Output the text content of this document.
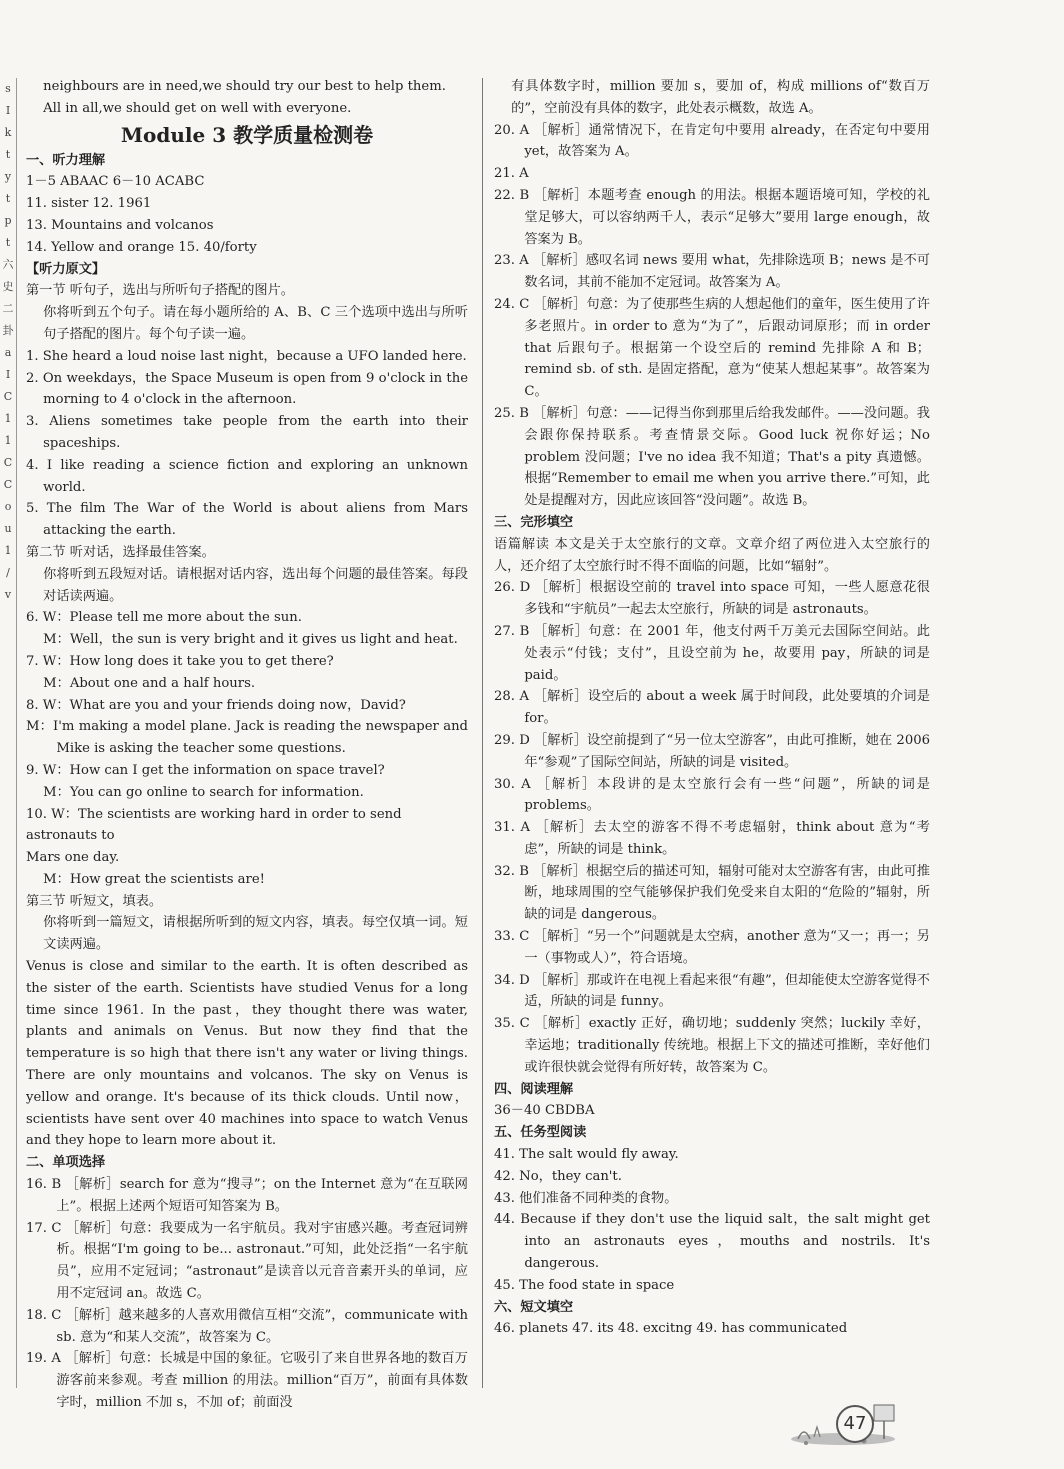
s
I
k
t
y
t
p
t
六
史
二
卦
a
I
C
1
1
C
C
o
u
1
/
v

neighbours are in need,we should try our best to help them.

All in all,we should get on well with everyone.

Module 3 教学质量检测卷

一、听力理解

1－5 ABAAC 6－10 ACABC

11. sister 12. 1961

13. Mountains and volcanos

14. Yellow and orange 15. 40/forty

【听力原文】

第一节 听句子，选出与所听句子搭配的图片。

你将听到五个句子。请在每小题所给的 A、B、C 三个选项中选出与所听句子搭配的图片。每个句子读一遍。

1. She heard a loud noise last night，because a UFO landed here.

2. On weekdays，the Space Museum is open from 9 o'clock in the morning to 4 o'clock in the afternoon.

3. Aliens sometimes take people from the earth into their spaceships.

4. I like reading a science fiction and exploring an unknown world.

5. The film The War of the World is about aliens from Mars attacking the earth.

第二节 听对话，选择最佳答案。

你将听到五段短对话。请根据对话内容，选出每个问题的最佳答案。每段对话读两遍。

6. W：Please tell me more about the sun.

M：Well，the sun is very bright and it gives us light and heat.

7. W：How long does it take you to get there?

M：About one and a half hours.

8. W：What are you and your friends doing now，David?

M：I'm making a model plane. Jack is reading the newspaper and Mike is asking the teacher some questions.

9. W：How can I get the information on space travel?

M：You can go online to search for information.

10. W：The scientists are working hard in order to send astronauts to

Mars one day.

M：How great the scientists are!

第三节 听短文，填表。

你将听到一篇短文，请根据所听到的短文内容，填表。每空仅填一词。短文读两遍。

Venus is close and similar to the earth. It is often described as the sister of the earth. Scientists have studied Venus for a long time since 1961. In the past，they thought there was water, plants and animals on Venus. But now they find that the temperature is so high that there isn't any water or living things. There are only mountains and volcanos. The sky on Venus is yellow and orange. It's because of its thick clouds. Until now，scientists have sent over 40 machines into space to watch Venus and they hope to learn more about it.

二、单项选择

16. B ［解析］search for 意为“搜寻”；on the Internet 意为“在互联网上”。根据上述两个短语可知答案为 B。

17. C ［解析］句意：我要成为一名宇航员。我对宇宙感兴趣。考查冠词辨析。根据“I'm going to be... astronaut.”可知，此处泛指“一名宇航员”，应用不定冠词；“astronaut”是读音以元音音素开头的单词，应用不定冠词 an。故选 C。

18. C ［解析］越来越多的人喜欢用微信互相“交流”，communicate with sb. 意为“和某人交流”，故答案为 C。

19. A ［解析］句意：长城是中国的象征。它吸引了来自世界各地的数百万游客前来参观。考查 million 的用法。million“百万”，前面有具体数字时，million 不加 s，不加 of；前面没

有具体数字时，million 要加 s，要加 of，构成 millions of“数百万的”，空前没有具体的数字，此处表示概数，故选 A。

20. A ［解析］通常情况下，在肯定句中要用 already，在否定句中要用 yet，故答案为 A。

21. A

22. B ［解析］本题考查 enough 的用法。根据本题语境可知，学校的礼堂足够大，可以容纳两千人，表示“足够大”要用 large enough，故答案为 B。

23. A ［解析］感叹名词 news 要用 what，先排除选项 B；news 是不可数名词，其前不能加不定冠词。故答案为 A。

24. C ［解析］句意：为了使那些生病的人想起他们的童年，医生使用了许多老照片。in order to 意为“为了”，后跟动词原形；而 in order that 后跟句子。根据第一个设空后的 remind 先排除 A 和 B；remind sb. of sth. 是固定搭配，意为“使某人想起某事”。故答案为 C。

25. B ［解析］句意：——记得当你到那里后给我发邮件。——没问题。我会跟你保持联系。考查情景交际。Good luck 祝你好运；No problem 没问题；I've no idea 我不知道；That's a pity 真遗憾。根据“Remember to email me when you arrive there.”可知，此处是提醒对方，因此应该回答“没问题”。故选 B。

三、完形填空

语篇解读 本文是关于太空旅行的文章。文章介绍了两位进入太空旅行的人，还介绍了太空旅行时不得不面临的问题，比如“辐射”。

26. D ［解析］根据设空前的 travel into space 可知，一些人愿意花很多钱和“宇航员”一起去太空旅行，所缺的词是 astronauts。

27. B ［解析］句意：在 2001 年，他支付两千万美元去国际空间站。此处表示“付钱；支付”，且设空前为 he，故要用 pay，所缺的词是 paid。

28. A ［解析］设空后的 about a week 属于时间段，此处要填的介词是 for。

29. D ［解析］设空前提到了“另一位太空游客”，由此可推断，她在 2006 年“参观”了国际空间站，所缺的词是 visited。

30. A ［解析］本段讲的是太空旅行会有一些“问题”，所缺的词是 problems。

31. A ［解析］去太空的游客不得不考虑辐射，think about 意为“考虑”，所缺的词是 think。

32. B ［解析］根据空后的描述可知，辐射可能对太空游客有害，由此可推断，地球周围的空气能够保护我们免受来自太阳的“危险的”辐射，所缺的词是 dangerous。

33. C ［解析］“另一个”问题就是太空病，another 意为“又一；再一；另一（事物或人）”，符合语境。

34. D ［解析］那或许在电视上看起来很“有趣”，但却能使太空游客觉得不适，所缺的词是 funny。

35. C ［解析］exactly 正好，确切地；suddenly 突然；luckily 幸好，幸运地；traditionally 传统地。根据上下文的描述可推断，幸好他们或许很快就会觉得有所好转，故答案为 C。

四、阅读理解

36－40 CBDBA

五、任务型阅读

41. The salt would fly away.

42. No，they can't.

43. 他们准备不同种类的食物。

44. Because if they don't use the liquid salt，the salt might get into an astronauts eyes，mouths and nostrils. It's dangerous.

45. The food state in space

六、短文填空

46. planets 47. its 48. excitng 49. has communicated

47
